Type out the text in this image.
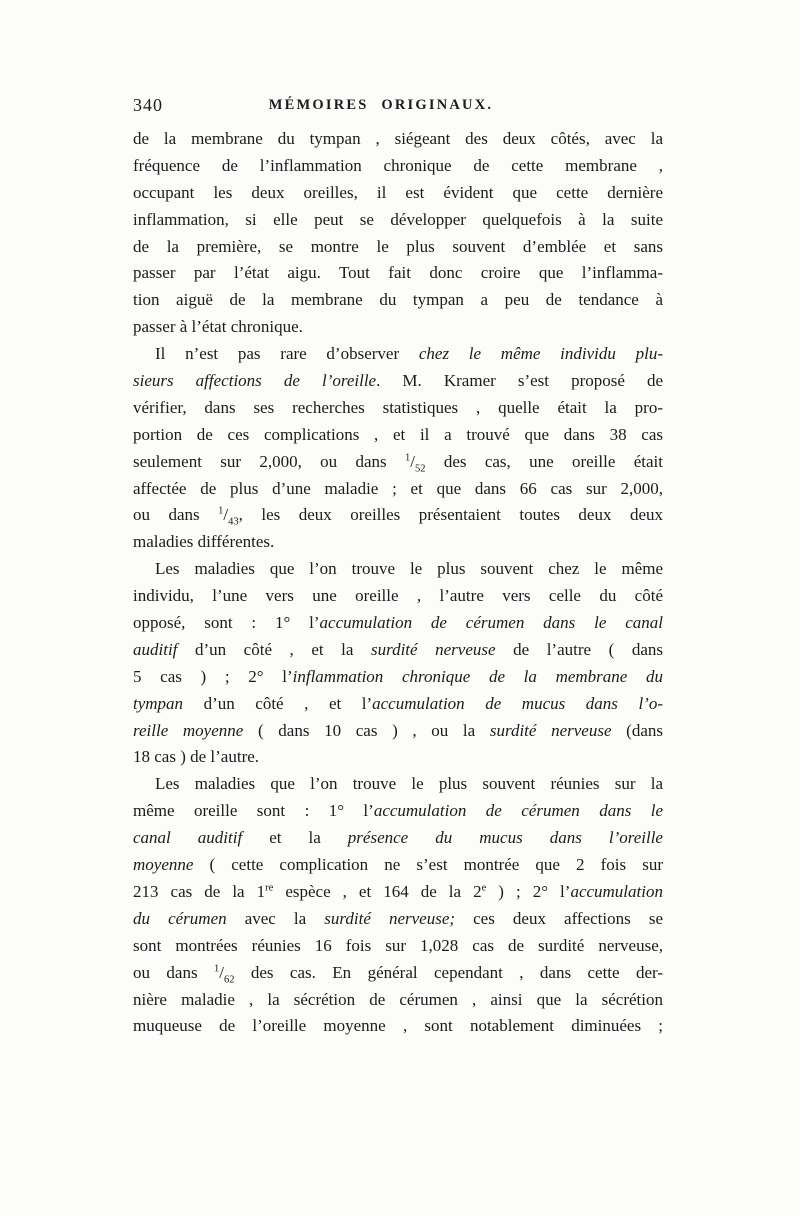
340	MÉMOIRES ORIGINAUX.
de la membrane du tympan , siégeant des deux côtés, avec la
fréquence de l’inflammation chronique de cette membrane ,
occupant les deux oreilles, il est évident que cette dernière
inflammation, si elle peut se développer quelquefois à la suite
de la première, se montre le plus souvent d’emblée et sans
passer par l’état aigu. Tout fait donc croire que l’inflamma-
tion aiguë de la membrane du tympan a peu de tendance à
passer à l’état chronique.
Il n’est pas rare d’observer chez le même individu plu-
sieurs affections de l’oreille. M. Kramer s’est proposé de
vérifier, dans ses recherches statistiques , quelle était la pro-
portion de ces complications , et il a trouvé que dans 38 cas
seulement sur 2,000, ou dans $^1/_{52}$ des cas, une oreille était
affectée de plus d’une maladie ; et que dans 66 cas sur 2,000,
ou dans $^1/_{43}$, les deux oreilles présentaient toutes deux deux
maladies différentes.
Les maladies que l’on trouve le plus souvent chez le même
individu, l’une vers une oreille , l’autre vers celle du côté
opposé, sont : 1° l’accumulation de cérumen dans le canal
auditif d’un côté , et la surdité nerveuse de l’autre ( dans
5 cas ) ; 2° l’inflammation chronique de la membrane du
tympan d’un côté , et l’accumulation de mucus dans l’o-
reille moyenne ( dans 10 cas ) , ou la surdité nerveuse (dans
18 cas ) de l’autre.
Les maladies que l’on trouve le plus souvent réunies sur la
même oreille sont : 1° l’accumulation de cérumen dans le
canal auditif et la présence du mucus dans l’oreille
moyenne ( cette complication ne s’est montrée que 2 fois sur
213 cas de la 1re espèce , et 164 de la 2e ) ; 2° l’accumulation
du cérumen avec la surdité nerveuse; ces deux affections se
sont montrées réunies 16 fois sur 1,028 cas de surdité nerveuse,
ou dans $^1/_{62}$ des cas. En général cependant , dans cette der-
nière maladie , la sécrétion de cérumen , ainsi que la sécrétion
muqueuse de l’oreille moyenne , sont notablement diminuées ;
